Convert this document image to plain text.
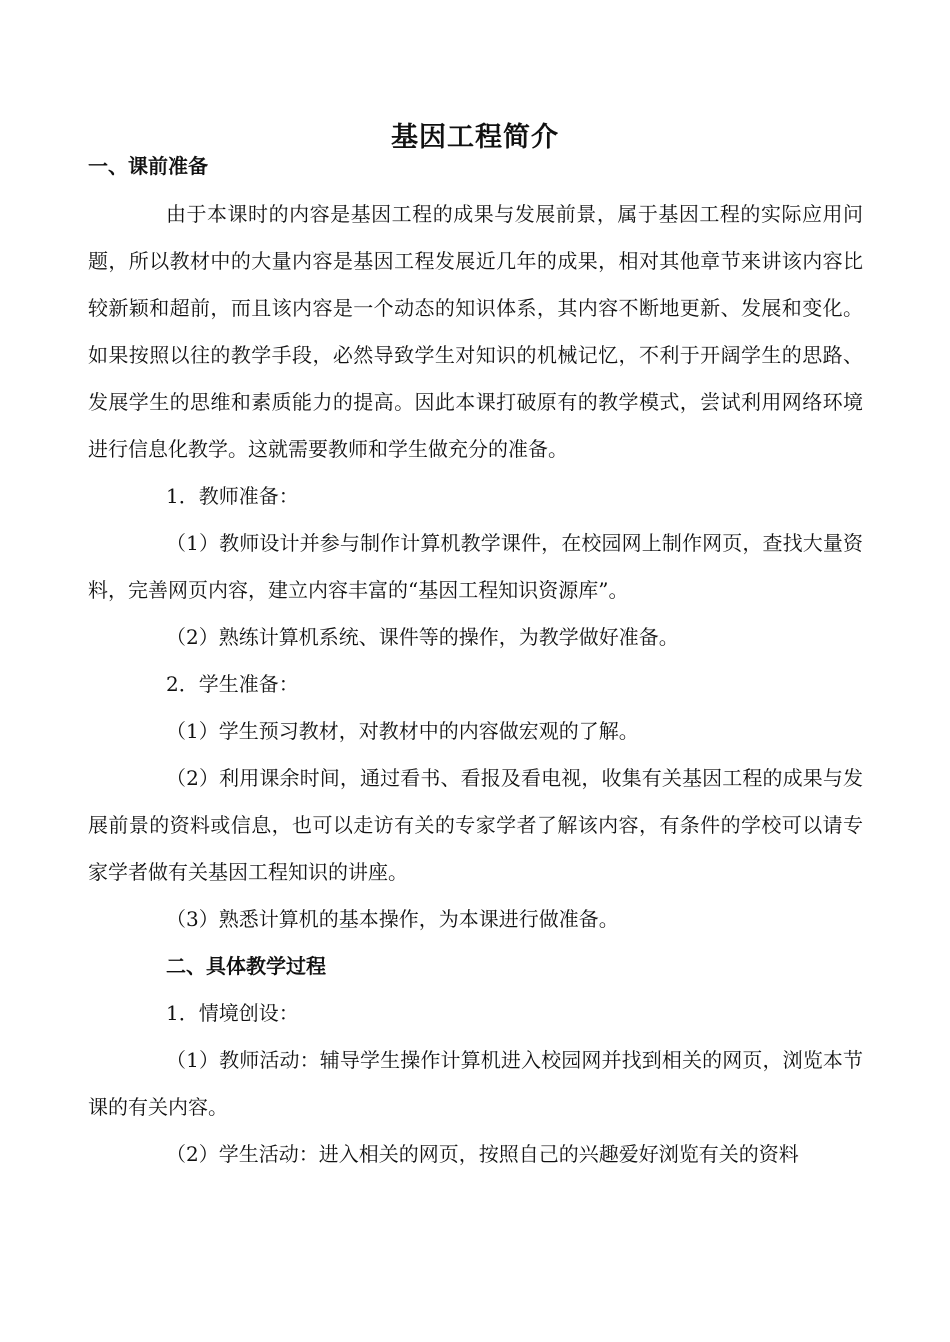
基因工程简介

一、课前准备

由于本课时的内容是基因工程的成果与发展前景，属于基因工程的实际应用问题，所以教材中的大量内容是基因工程发展近几年的成果，相对其他章节来讲该内容比较新颖和超前，而且该内容是一个动态的知识体系，其内容不断地更新、发展和变化。如果按照以往的教学手段，必然导致学生对知识的机械记忆，不利于开阔学生的思路、发展学生的思维和素质能力的提高。因此本课打破原有的教学模式，尝试利用网络环境进行信息化教学。这就需要教师和学生做充分的准备。

1．教师准备：

（1）教师设计并参与制作计算机教学课件，在校园网上制作网页，查找大量资料，完善网页内容，建立内容丰富的“基因工程知识资源库”。

（2）熟练计算机系统、课件等的操作，为教学做好准备。

2．学生准备：

（1）学生预习教材，对教材中的内容做宏观的了解。

（2）利用课余时间，通过看书、看报及看电视，收集有关基因工程的成果与发展前景的资料或信息，也可以走访有关的专家学者了解该内容，有条件的学校可以请专家学者做有关基因工程知识的讲座。

（3）熟悉计算机的基本操作，为本课进行做准备。

二、具体教学过程

1．情境创设：

（1）教师活动：辅导学生操作计算机进入校园网并找到相关的网页，浏览本节课的有关内容。

（2）学生活动：进入相关的网页，按照自己的兴趣爱好浏览有关的资料
